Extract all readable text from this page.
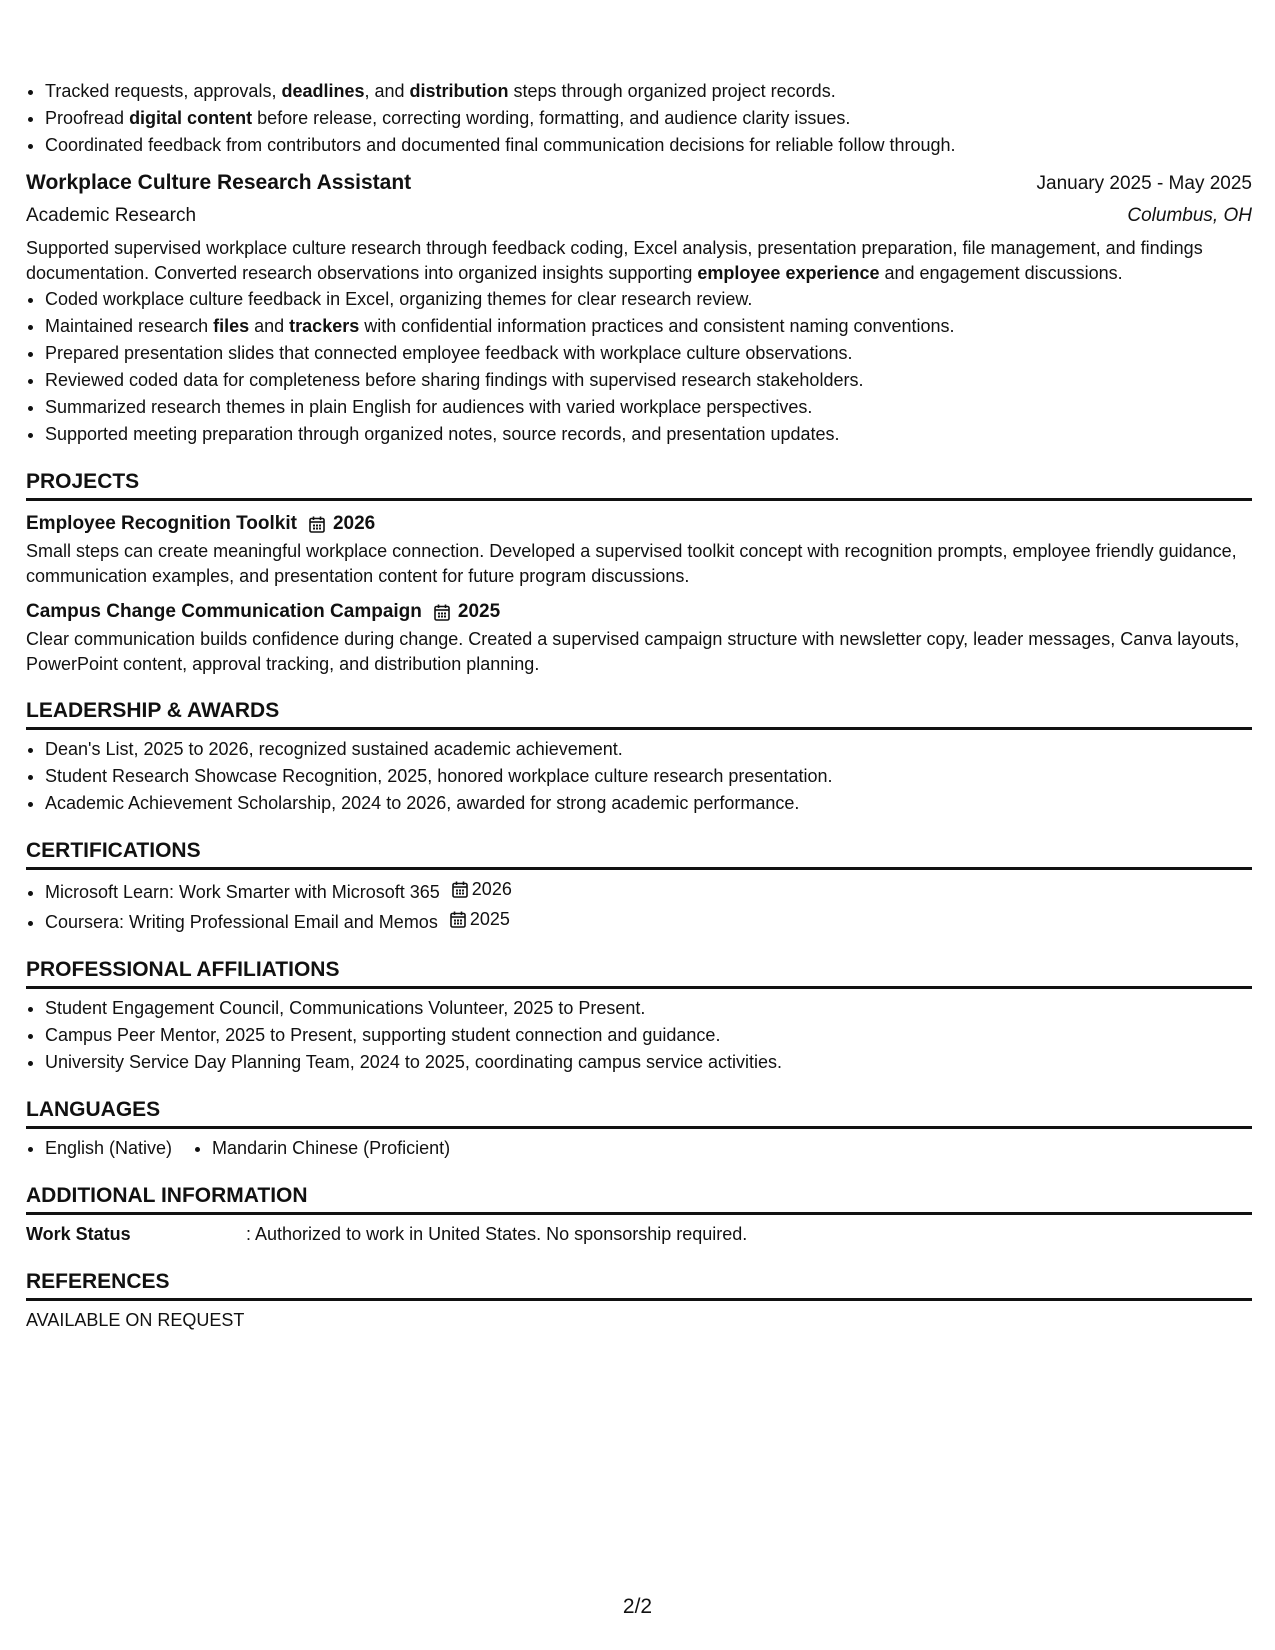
• Tracked requests, approvals, deadlines, and distribution steps through organized project records.
• Proofread digital content before release, correcting wording, formatting, and audience clarity issues.
• Coordinated feedback from contributors and documented final communication decisions for reliable follow through.
Workplace Culture Research Assistant	January 2025 - May 2025
Academic Research	Columbus, OH
Supported supervised workplace culture research through feedback coding, Excel analysis, presentation preparation, file management, and findings documentation. Converted research observations into organized insights supporting employee experience and engagement discussions.
• Coded workplace culture feedback in Excel, organizing themes for clear research review.
• Maintained research files and trackers with confidential information practices and consistent naming conventions.
• Prepared presentation slides that connected employee feedback with workplace culture observations.
• Reviewed coded data for completeness before sharing findings with supervised research stakeholders.
• Summarized research themes in plain English for audiences with varied workplace perspectives.
• Supported meeting preparation through organized notes, source records, and presentation updates.
PROJECTS
Employee Recognition Toolkit 2026
Small steps can create meaningful workplace connection. Developed a supervised toolkit concept with recognition prompts, employee friendly guidance, communication examples, and presentation content for future program discussions.
Campus Change Communication Campaign 2025
Clear communication builds confidence during change. Created a supervised campaign structure with newsletter copy, leader messages, Canva layouts, PowerPoint content, approval tracking, and distribution planning.
LEADERSHIP & AWARDS
• Dean's List, 2025 to 2026, recognized sustained academic achievement.
• Student Research Showcase Recognition, 2025, honored workplace culture research presentation.
• Academic Achievement Scholarship, 2024 to 2026, awarded for strong academic performance.
CERTIFICATIONS
• Microsoft Learn: Work Smarter with Microsoft 365 2026
• Coursera: Writing Professional Email and Memos 2025
PROFESSIONAL AFFILIATIONS
• Student Engagement Council, Communications Volunteer, 2025 to Present.
• Campus Peer Mentor, 2025 to Present, supporting student connection and guidance.
• University Service Day Planning Team, 2024 to 2025, coordinating campus service activities.
LANGUAGES
• English (Native)
• Mandarin Chinese (Proficient)
ADDITIONAL INFORMATION
Work Status	: Authorized to work in United States. No sponsorship required.
REFERENCES
AVAILABLE ON REQUEST
2/2
